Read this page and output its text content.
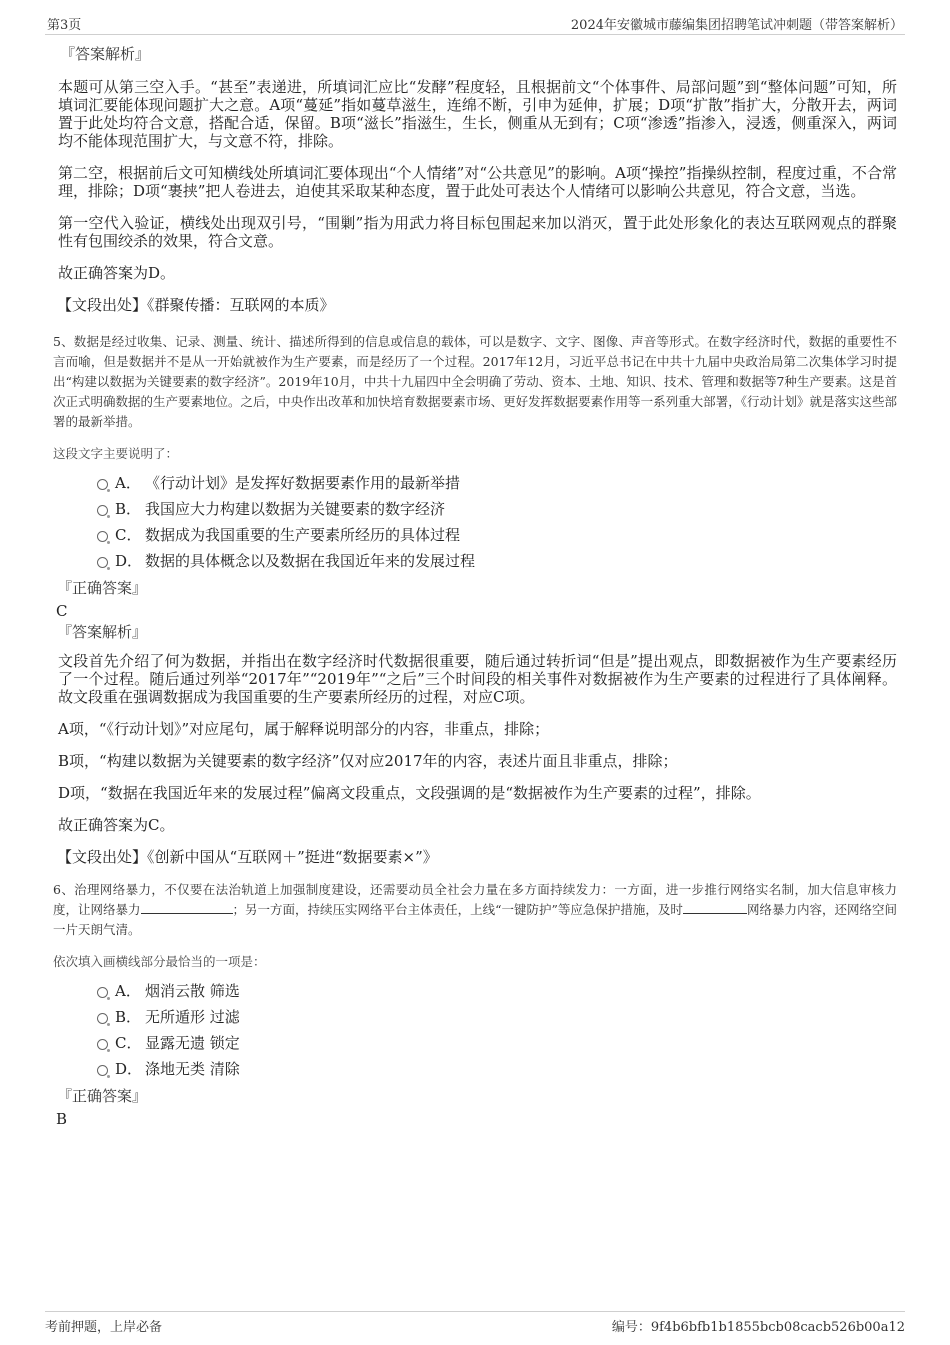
第3页	2024年安徽城市藤编集团招聘笔试冲刺题（带答案解析）
『答案解析』

本题可从第三空入手。“甚至”表递进，所填词汇应比“发酵”程度轻，且根据前文“个体事件、局部问题”到“整体问题”可知，所填词汇要能体现问题扩大之意。A项“蔓延”指如蔓草滋生，连绵不断，引申为延伸，扩展；D项“扩散”指扩大，分散开去，两词置于此处均符合文意，搭配合适，保留。B项“滋长”指滋生，生长，侧重从无到有；C项“渗透”指渗入，浸透，侧重深入，两词均不能体现范围扩大，与文意不符，排除。

第二空，根据前后文可知横线处所填词汇要体现出“个人情绪”对“公共意见”的影响。A项“操控”指操纵控制，程度过重，不合常理，排除；D项“裹挟”把人卷进去，迫使其采取某种态度，置于此处可表达个人情绪可以影响公共意见，符合文意，当选。

第一空代入验证，横线处出现双引号，“围剿”指为用武力将目标包围起来加以消灭，置于此处形象化的表达互联网观点的群聚性有包围绞杀的效果，符合文意。

故正确答案为D。

【文段出处】《群聚传播：互联网的本质》

5、数据是经过收集、记录、测量、统计、描述所得到的信息或信息的载体，可以是数字、文字、图像、声音等形式。在数字经济时代，数据的重要性不言而喻，但是数据并不是从一开始就被作为生产要素，而是经历了一个过程。2017年12月，习近平总书记在中共十九届中央政治局第二次集体学习时提出“构建以数据为关键要素的数字经济”。2019年10月，中共十九届四中全会明确了劳动、资本、土地、知识、技术、管理和数据等7种生产要素。这是首次正式明确数据的生产要素地位。之后，中央作出改革和加快培育数据要素市场、更好发挥数据要素作用等一系列重大部署，《行动计划》就是落实这些部署的最新举措。

这段文字主要说明了：

A． 《行动计划》是发挥好数据要素作用的最新举措
B． 我国应大力构建以数据为关键要素的数字经济
C． 数据成为我国重要的生产要素所经历的具体过程
D． 数据的具体概念以及数据在我国近年来的发展过程
『正确答案』
C
『答案解析』

文段首先介绍了何为数据，并指出在数字经济时代数据很重要，随后通过转折词“但是”提出观点，即数据被作为生产要素经历了一个过程。随后通过列举“2017年”“2019年”“之后”三个时间段的相关事件对数据被作为生产要素的过程进行了具体阐释。故文段重在强调数据成为我国重要的生产要素所经历的过程，对应C项。

A项，“《行动计划》”对应尾句，属于解释说明部分的内容，非重点，排除；

B项，“构建以数据为关键要素的数字经济”仅对应2017年的内容，表述片面且非重点，排除；

D项，“数据在我国近年来的发展过程”偏离文段重点，文段强调的是“数据被作为生产要素的过程”，排除。

故正确答案为C。

【文段出处】《创新中国从“互联网＋”挺进“数据要素×”》

6、治理网络暴力，不仅要在法治轨道上加强制度建设，还需要动员全社会力量在多方面持续发力：一方面，进一步推行网络实名制，加大信息审核力度，让网络暴力	；另一方面，持续压实网络平台主体责任，上线“一键防护”等应急保护措施，及时	网络暴力内容，还网络空间一片天朗气清。

依次填入画横线部分最恰当的一项是：

A． 烟消云散 筛选
B． 无所遁形 过滤
C． 显露无遗 锁定
D． 涤地无类 清除
『正确答案』
B
考前押题，上岸必备	编号：9f4b6bfb1b1855bcb08cacb526b00a12
